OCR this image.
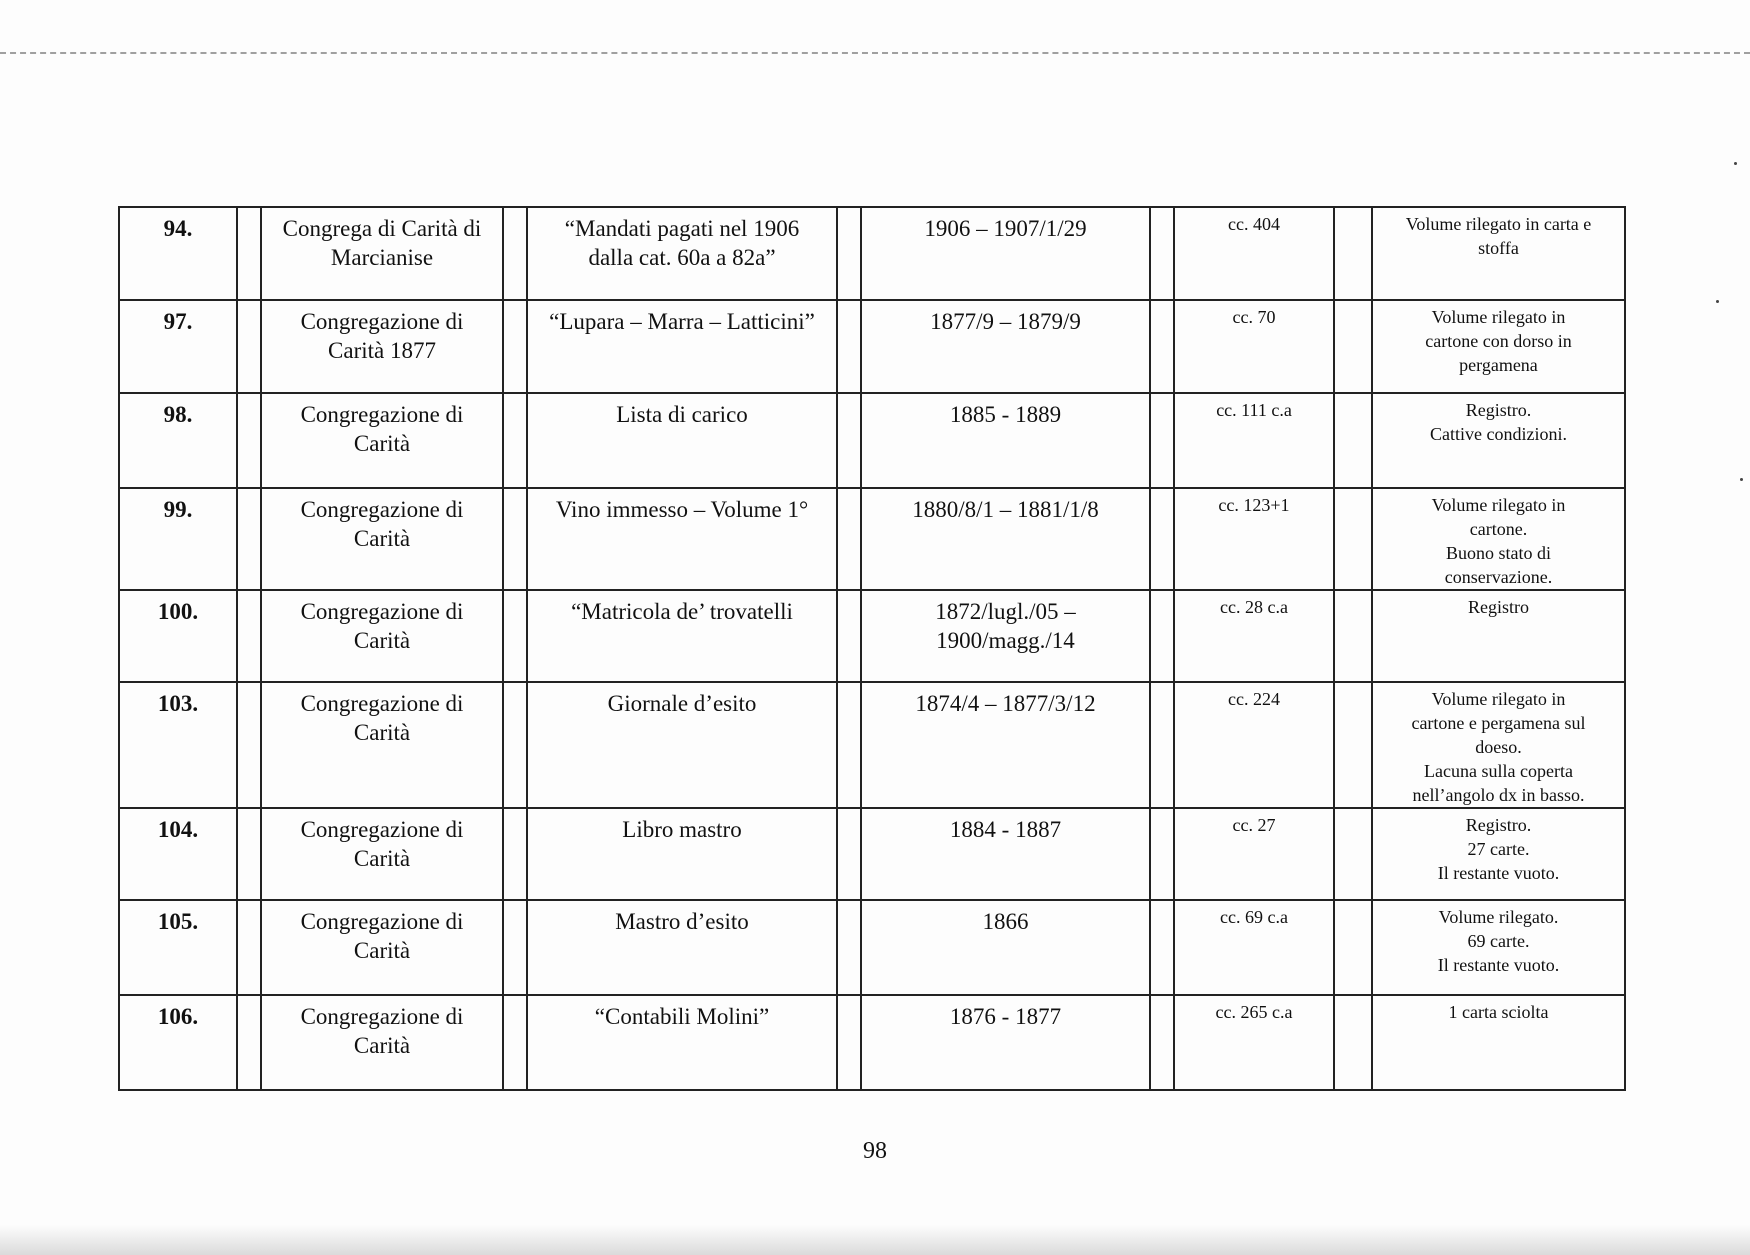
94.		Congrega di Carità di
Marcianise		“Mandati pagati nel 1906
dalla cat. 60a a 82a”		1906 – 1907/1/29		cc. 404		Volume rilegato in carta e
stoffa

97.		Congregazione di
Carità 1877		“Lupara – Marra – Latticini”		1877/9 – 1879/9		cc. 70		Volume rilegato in
cartone con dorso in
pergamena

98.		Congregazione di
Carità		Lista di carico		1885 - 1889		cc. 111 c.a		Registro.
Cattive condizioni.

99.		Congregazione di
Carità		Vino immesso – Volume 1°		1880/8/1 – 1881/1/8		cc. 123+1		Volume rilegato in
cartone.
Buono stato di
conservazione.

100.		Congregazione di
Carità		“Matricola de’ trovatelli		1872/lugl./05 –
1900/magg./14		cc. 28 c.a		Registro

103.		Congregazione di
Carità		Giornale d’esito		1874/4 – 1877/3/12		cc. 224		Volume rilegato in
cartone e pergamena sul
doeso.
Lacuna sulla coperta
nell’angolo dx in basso.

104.		Congregazione di
Carità		Libro mastro		1884 - 1887		cc. 27		Registro.
27 carte.
Il restante vuoto.

105.		Congregazione di
Carità		Mastro d’esito		1866		cc. 69 c.a		Volume rilegato.
69 carte.
Il restante vuoto.

106.		Congregazione di
Carità		“Contabili Molini”		1876 - 1877		cc. 265 c.a		1 carta sciolta
98
